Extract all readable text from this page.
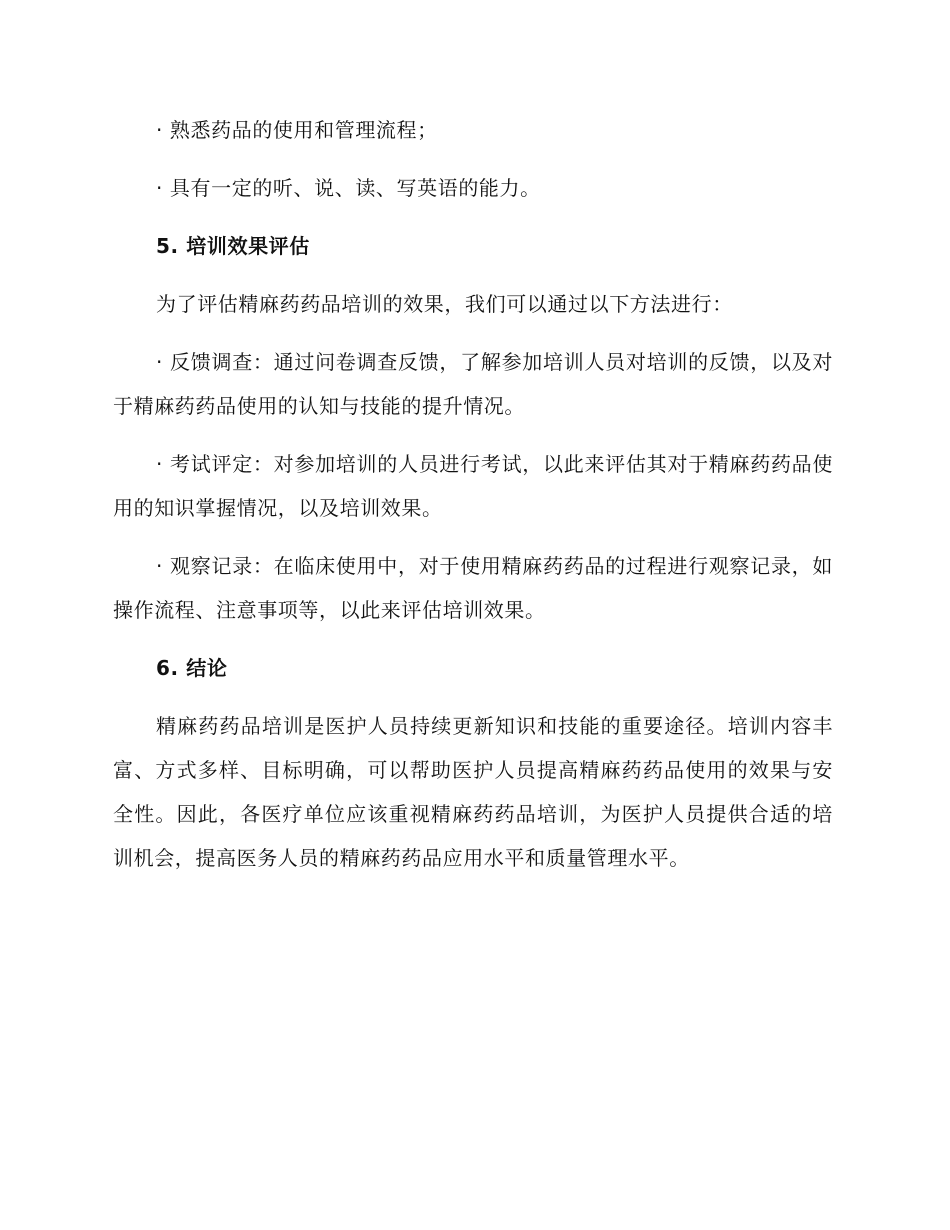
· 熟悉药品的使用和管理流程；

· 具有一定的听、说、读、写英语的能力。

5. 培训效果评估

为了评估精麻药药品培训的效果，我们可以通过以下方法进行：

· 反馈调查：通过问卷调查反馈，了解参加培训人员对培训的反馈，以及对于精麻药药品使用的认知与技能的提升情况。

· 考试评定：对参加培训的人员进行考试，以此来评估其对于精麻药药品使用的知识掌握情况，以及培训效果。

· 观察记录：在临床使用中，对于使用精麻药药品的过程进行观察记录，如操作流程、注意事项等，以此来评估培训效果。

6. 结论

精麻药药品培训是医护人员持续更新知识和技能的重要途径。培训内容丰富、方式多样、目标明确，可以帮助医护人员提高精麻药药品使用的效果与安全性。因此，各医疗单位应该重视精麻药药品培训，为医护人员提供合适的培训机会，提高医务人员的精麻药药品应用水平和质量管理水平。
